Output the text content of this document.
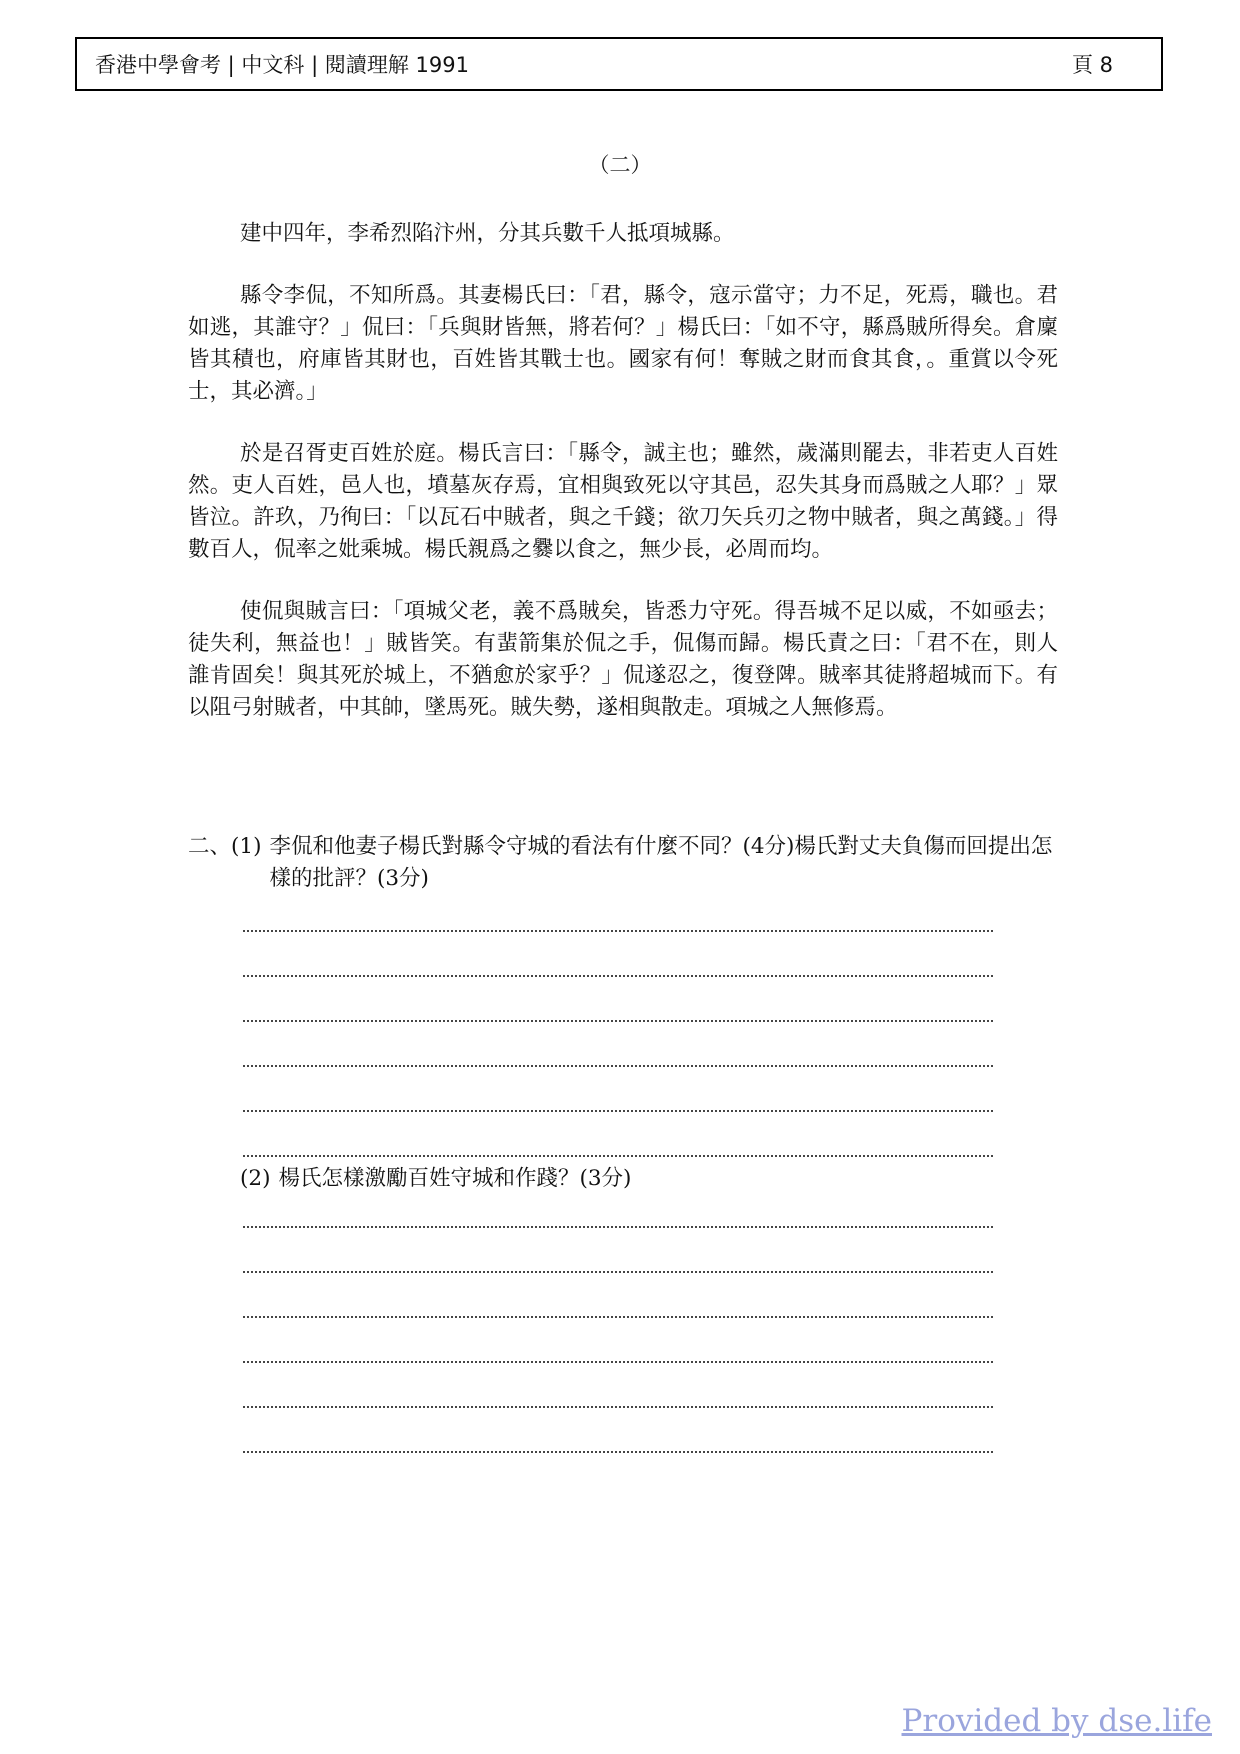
香港中學會考 | 中文科 | 閱讀理解 1991	頁 8
（二）

建中四年，李希烈陷汴州，分其兵數千人抵項城縣。

縣令李侃，不知所爲。其妻楊氏曰：「君，縣令，寇示當守；力不足，死焉，職也。君如逃，其誰守？」侃曰：「兵與財皆無，將若何？」楊氏曰：「如不守，縣爲賊所得矣。倉廩皆其積也，府庫皆其財也，百姓皆其戰士也。國家有何！奪賊之財而食其食，。重賞以令死士，其必濟。」

於是召胥吏百姓於庭。楊氏言曰：「縣令，誠主也；雖然，歲滿則罷去，非若吏人百姓然。吏人百姓，邑人也，墳墓灰存焉，宜相與致死以守其邑，忍失其身而爲賊之人耶？」眾皆泣。許玖，乃徇曰：「以瓦石中賊者，與之千錢；欲刀矢兵刃之物中賊者，與之萬錢。」得數百人，侃率之妣乘城。楊氏親爲之爨以食之，無少長，必周而均。

使侃與賊言曰：「項城父老，義不爲賊矣，皆悉力守死。得吾城不足以威，不如亟去；徒失利，無益也！」賊皆笑。有蜚箭集於侃之手，侃傷而歸。楊氏責之曰：「君不在，則人誰肯固矣！與其死於城上，不猶愈於家乎？」侃遂忍之，復登陴。賊率其徒將超城而下。有以阻弓射賊者，中其帥，墜馬死。賊失勢，遂相與散走。項城之人無修焉。

二、(1) 李侃和他妻子楊氏對縣令守城的看法有什麼不同？(4分)楊氏對丈夫負傷而回提出怎樣的批評？(3分)
(2) 楊氏怎樣激勵百姓守城和作踐？(3分)
Provided by dse.life
